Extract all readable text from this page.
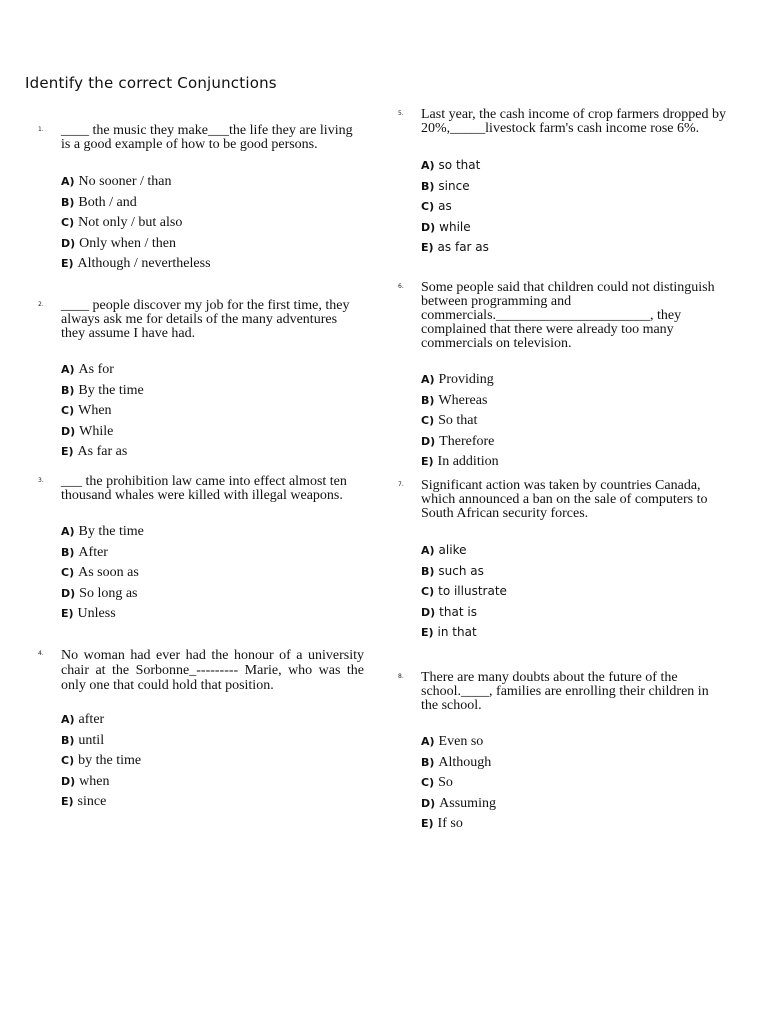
Identify the correct Conjunctions
1. ____ the music they make___the life they are living is a good example of how to be good persons.

A) No sooner / than
B) Both / and
C) Not only / but also
D) Only when / then
E) Although / nevertheless
2. ____ people discover my job for the first time, they always ask me for details of the many adventures they assume I have had.

A) As for
B) By the time
C) When
D) While
E) As far as
3. ___ the prohibition law came into effect almost ten thousand whales were killed with illegal weapons.

A) By the time
B) After
C) As soon as
D) So long as
E) Unless
4. No woman had ever had the honour of a university chair at the Sorbonne_--------- Marie, who was the only one that could hold that position.

A) after
B) until
C) by the time
D) when
E) since
5. Last year, the cash income of crop farmers dropped by 20%,_____livestock farm's cash income rose 6%.

A) so that
B) since
C) as
D) while
E) as far as
6. Some people said that children could not distinguish between programming and commercials.______________________, they complained that there were already too many commercials on television.

A) Providing
B) Whereas
C) So that
D) Therefore
E) In addition
7. Significant action was taken by countries Canada, which announced a ban on the sale of computers to South African security forces.

A) alike
B) such as
C) to illustrate
D) that is
E) in that
8. There are many doubts about the future of the school.____, families are enrolling their children in the school.

A) Even so
B) Although
C) So
D) Assuming
E) If so
